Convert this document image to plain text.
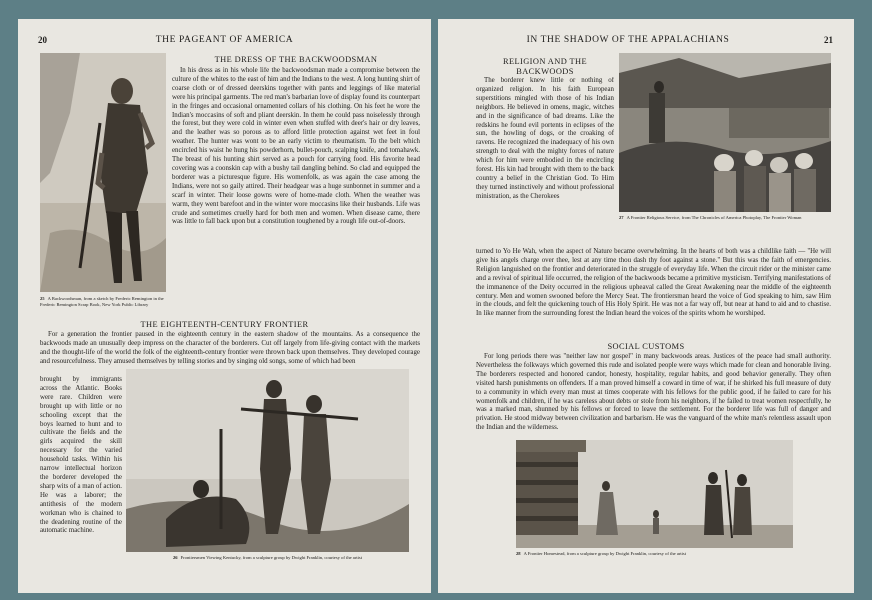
20	THE PAGEANT OF AMERICA
25 A Backwoodsman, from a sketch by Frederic Remington in the Frederic Remington Scrap Book, New York Public Library
THE DRESS OF THE BACKWOODSMAN

In his dress as in his whole life the backwoodsman made a compromise between the culture of the whites to the east of him and the Indians to the west. A long hunting shirt of coarse cloth or of dressed deerskins together with pants and leggings of like material were his principal garments. The red man's barbarian love of display found its counterpart in the fringes and occasional ornamented collars of his clothing. On his feet he wore the Indian's moccasins of soft and pliant deerskin. In them he could pass noiselessly through the forest, but they were cold in winter even when stuffed with deer's hair or dry leaves, and the leather was so porous as to afford little protection against wet feet in foul weather. The hunter was wont to be an early victim to rheumatism. To the belt which encircled his waist he hung his powderhorn, bullet-pouch, scalping knife, and tomahawk. The breast of his hunting shirt served as a pouch for carrying food. His favorite head covering was a coonskin cap with a bushy tail dangling behind. So clad and equipped the borderer was a picturesque figure. His womenfolk, as was again the case among the Indians, were not so gaily attired. Their headgear was a huge sunbonnet in summer and a scarf in winter. Their loose gowns were of home-made cloth. When the weather was warm, they went barefoot and in the winter wore moccasins like their husbands. Life was crude and sometimes cruelly hard for both men and women. When disease came, there was little to fall back upon but a constitution toughened by a rough life out-of-doors.

THE EIGHTEENTH-CENTURY FRONTIER

For a generation the frontier paused in the eighteenth century in the eastern shadow of the mountains. As a consequence the backwoods made an unusually deep impress on the character of the borderers. Cut off largely from life-giving contact with the markets and the thought-life of the world the folk of the eighteenth-century frontier were thrown back upon themselves. They developed courage and resourcefulness. They amused themselves by telling stories and by singing old songs, some of which had been

brought by immigrants across the Atlantic. Books were rare. Children were brought up with little or no schooling except that the boys learned to hunt and to cultivate the fields and the girls acquired the skill necessary for the varied household tasks. Within his narrow intellectual horizon the borderer developed the sharp wits of a man of action. He was a laborer; the antithesis of the modern workman who is chained to the deadening routine of the automatic machine.

26 Frontiersmen Viewing Kentucky, from a sculpture group by Dwight Franklin, courtesy of the artist
IN THE SHADOW OF THE APPALACHIANS	21
RELIGION AND THE
BACKWOODS

The borderer knew little or nothing of organized religion. In his faith European superstitions mingled with those of his Indian neighbors. He believed in omens, magic, witches and in the significance of bad dreams. Like the redskins he found evil portents in eclipses of the sun, the howling of dogs, or the croaking of ravens. He recognized the inadequacy of his own strength to deal with the mighty forces of nature which for him were embodied in the encircling forest. His kin had brought with them to the back country a belief in the Christian God. To Him they turned instinctively and without professional ministration, as the Cherokees

27 A Frontier Religious Service, from The Chronicles of America Photoplay, The Frontier Woman

turned to Yo He Wah, when the aspect of Nature became overwhelming. In the hearts of both was a childlike faith — "He will give his angels charge over thee, lest at any time thou dash thy foot against a stone." But this was the faith of emergencies. Religion languished on the frontier and deteriorated in the struggle of everyday life. When the circuit rider or the minister came and a revival of spiritual life occurred, the religion of the backwoods became a primitive mysticism. Terrifying manifestations of the immanence of the Deity occurred in the religious upheaval called the Great Awakening near the middle of the eighteenth century. Men and women swooned before the Mercy Seat. The frontiersman heard the voice of God speaking to him, saw Him in the clouds, and felt the quickening touch of His Holy Spirit. He was not a far way off, but near at hand to aid and to chastise. In like manner from the surrounding forest the Indian heard the voices of the spirits whom he worshiped.

SOCIAL CUSTOMS

For long periods there was "neither law nor gospel" in many backwoods areas. Justices of the peace had small authority. Nevertheless the folkways which governed this rude and isolated people were ways which made for clean and honorable living. The borderers respected and honored candor, honesty, hospitality, regular habits, and good behavior generally. They often visited harsh punishments on offenders. If a man proved himself a coward in time of war, if he shirked his full measure of duty to a community in which every man must at times cooperate with his fellows for the public good, if he failed to care for his womenfolk and children, if he was careless about debts or stole from his neighbors, if he failed to treat women respectfully, he was a marked man, shunned by his fellows or forced to leave the settlement. For the borderer life was full of danger and privation. He stood midway between civilization and barbarism. He was the vanguard of the white man's relentless assault upon the Indian and the wilderness.

28 A Frontier Homestead, from a sculpture group by Dwight Franklin, courtesy of the artist
